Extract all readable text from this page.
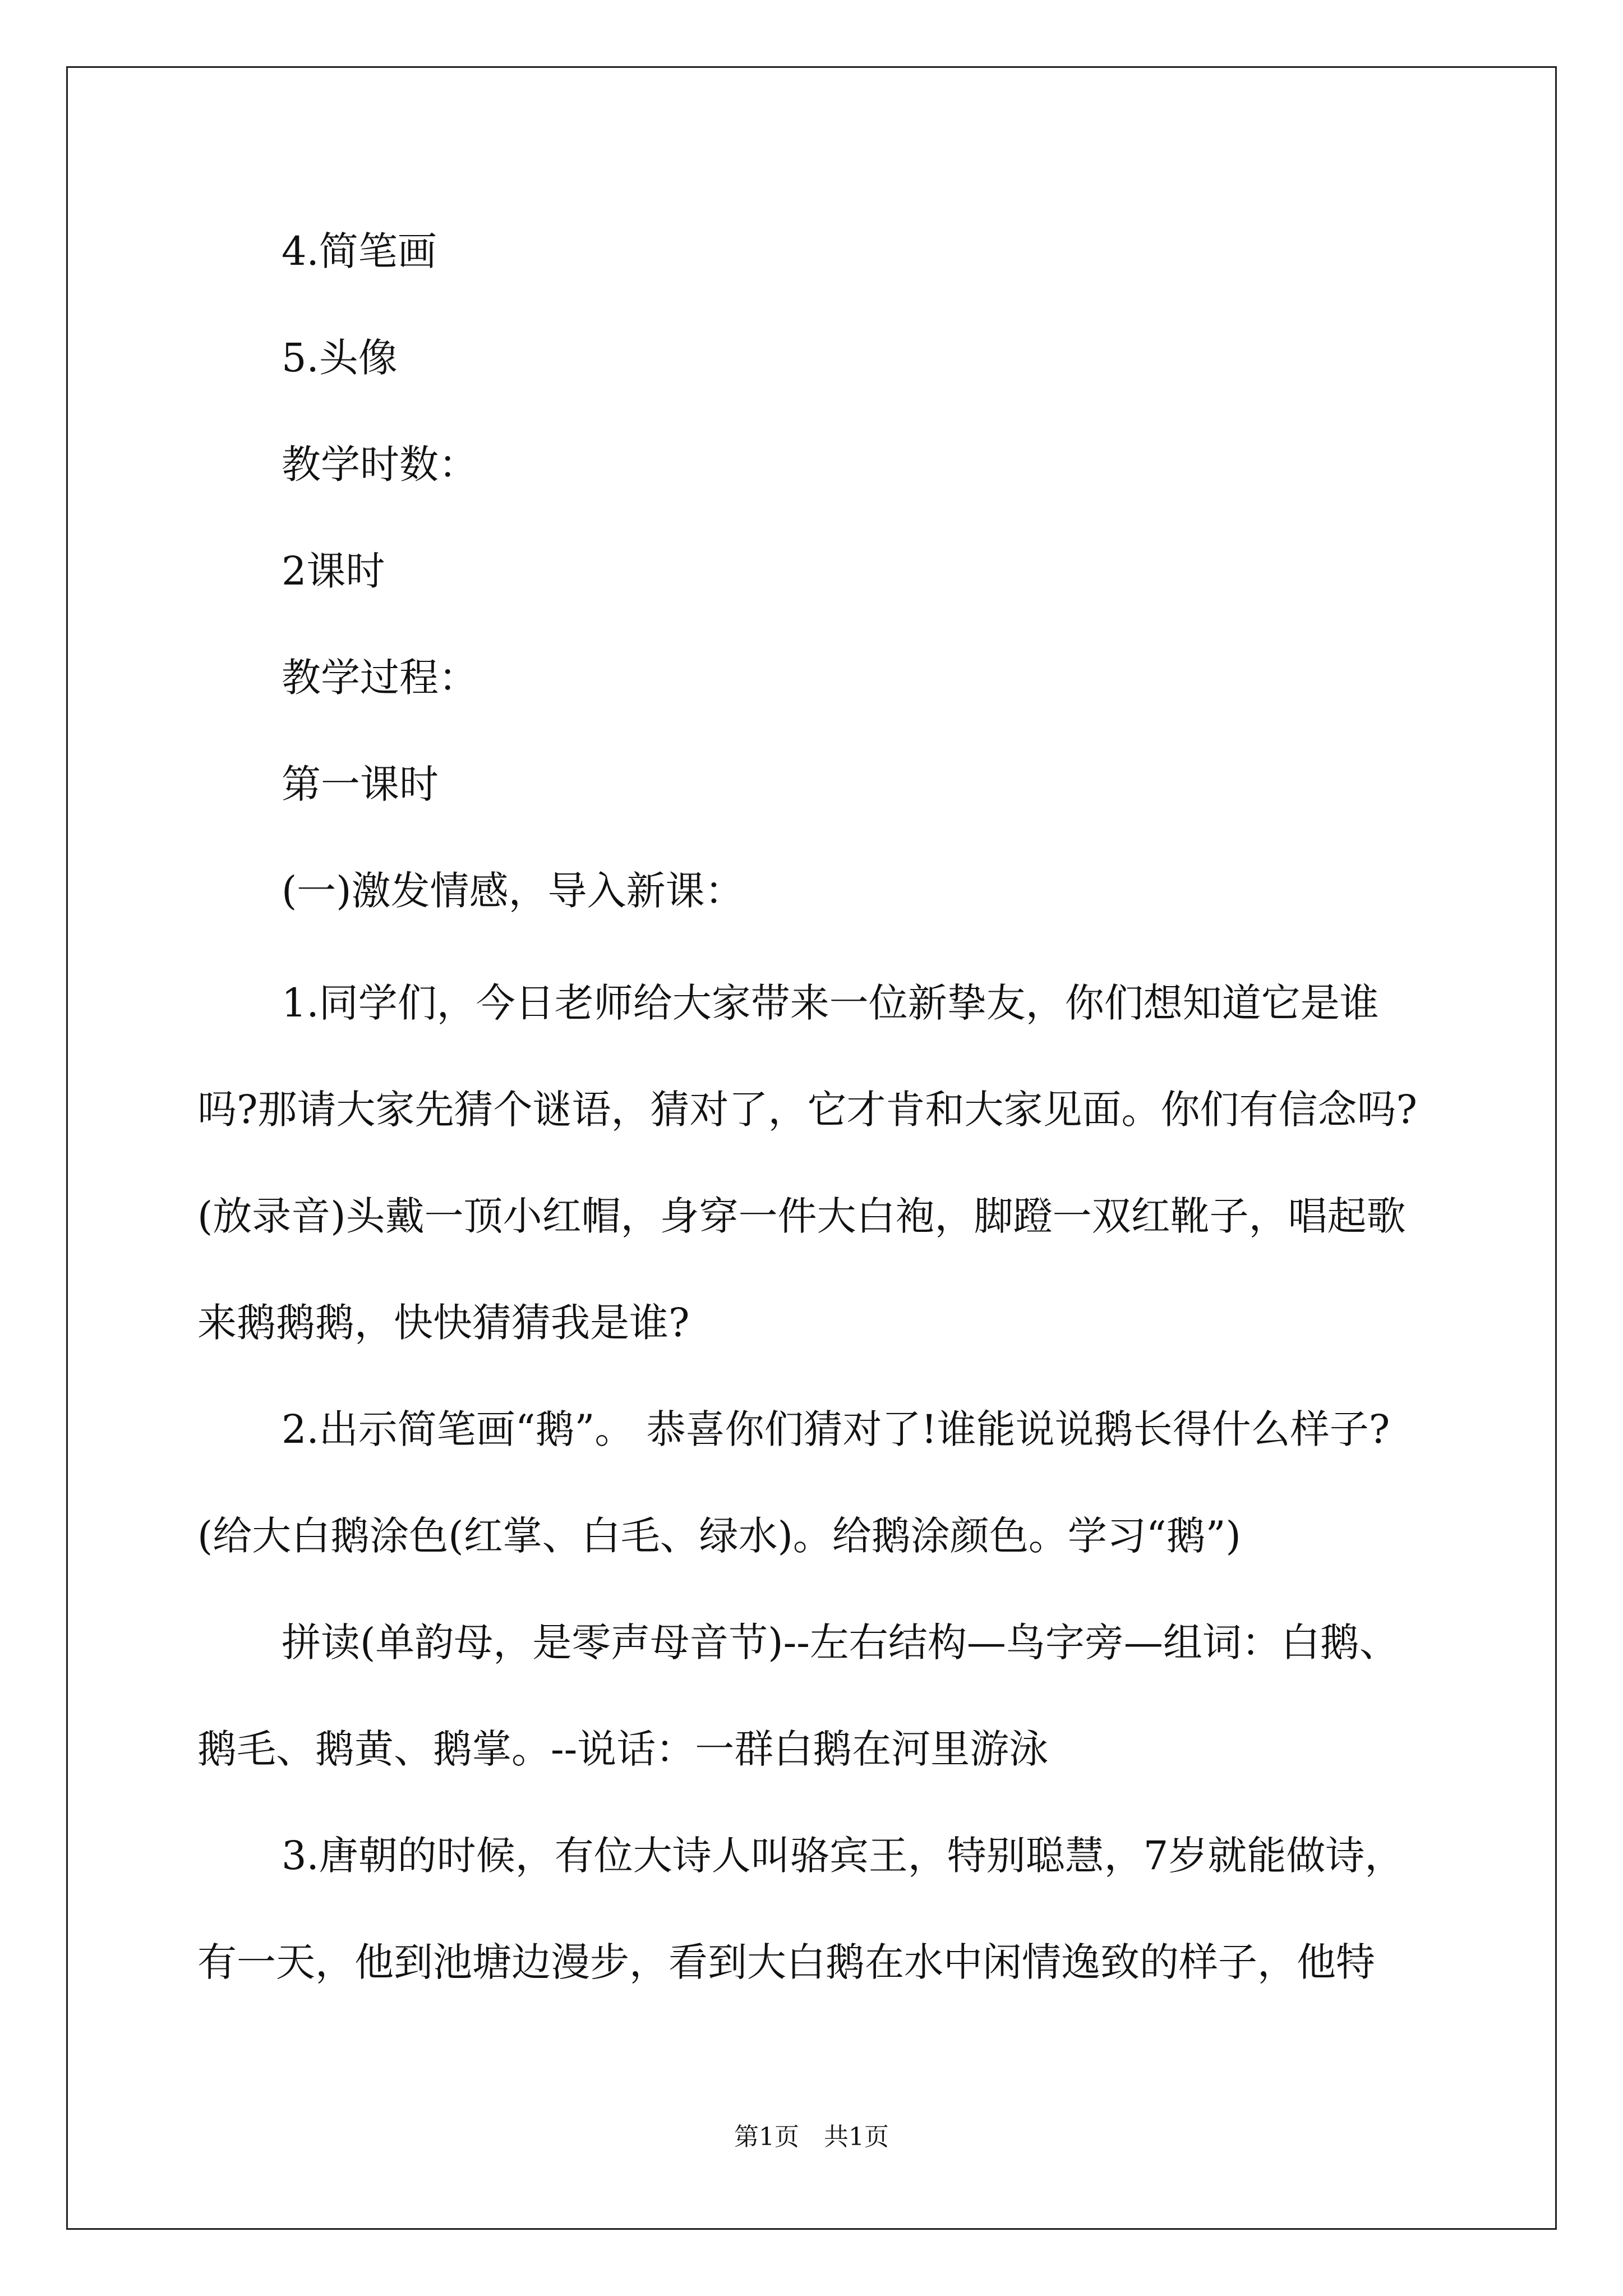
4.简笔画

5.头像

教学时数：

2课时

教学过程：

第一课时

(一)激发情感，导入新课：

1.同学们，今日老师给大家带来一位新挚友，你们想知道它是谁吗?那请大家先猜个谜语，猜对了，它才肯和大家见面。你们有信念吗?(放录音)头戴一顶小红帽，身穿一件大白袍，脚蹬一双红靴子，唱起歌来鹅鹅鹅，快快猜猜我是谁?

2.出示简笔画“鹅”。 恭喜你们猜对了!谁能说说鹅长得什么样子?(给大白鹅涂色(红掌、白毛、绿水)。给鹅涂颜色。学习“鹅”)

拼读(单韵母，是零声母音节)--左右结构—鸟字旁—组词：白鹅、鹅毛、鹅黄、鹅掌。--说话：一群白鹅在河里游泳

3.唐朝的时候，有位大诗人叫骆宾王，特别聪慧，7岁就能做诗，有一天，他到池塘边漫步，看到大白鹅在水中闲情逸致的样子，他特

第1页　共1页
